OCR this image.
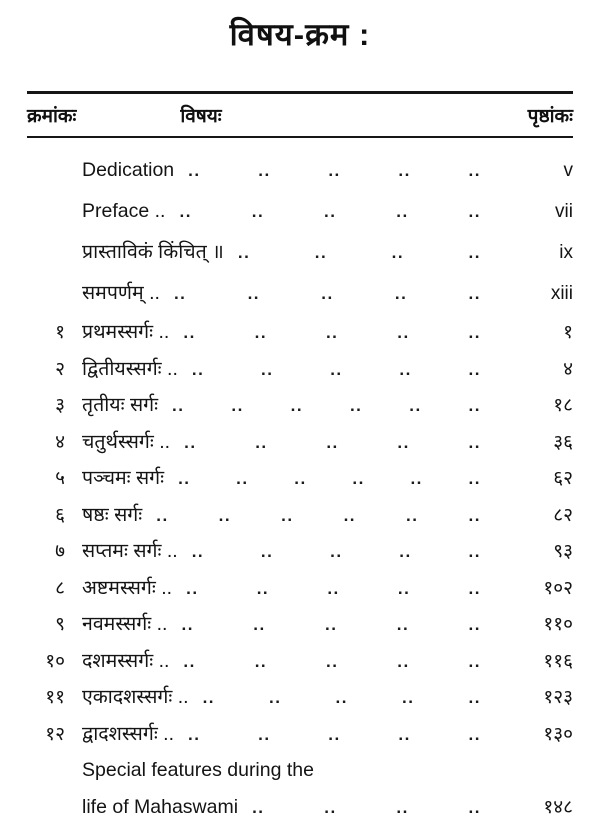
विषय-क्रम :
क्रमांकः	विषयः	पृष्ठांकः
Dedication ..	..	..	..	..	v
Preface .. ..	..	..	..	..	vii
प्रास्ताविकं किंचित् ॥ ..	..	..	..	ix
समपर्णम् .. ..	..	..	..	..	xiii
१ प्रथमस्सर्गः .. ..	..	..	..	..	१
२ द्वितीयस्सर्गः .. ..	..	..	..	..	४
३ तृतीयः सर्गः ..	..	..	..	..	..	१८
४ चतुर्थस्सर्गः .. ..	..	..	..	..	३६
५ पञ्चमः सर्गः ..	..	..	..	..	..	६२
६ षष्ठः सर्गः ..	..	..	..	..	..	८२
७ सप्तमः सर्गः .. ..	..	..	..	..	९३
८ अष्टमस्सर्गः .. ..	..	..	..	..	१०२
९ नवमस्सर्गः .. ..	..	..	..	..	११०
१० दशमस्सर्गः .. ..	..	..	..	..	११६
११ एकादशस्सर्गः .. ..	..	..	..	..	१२३
१२ द्वादशस्सर्गः .. ..	..	..	..	..	१३०
Special features during the
life of Mahaswami ..	..	..	..	१४८
